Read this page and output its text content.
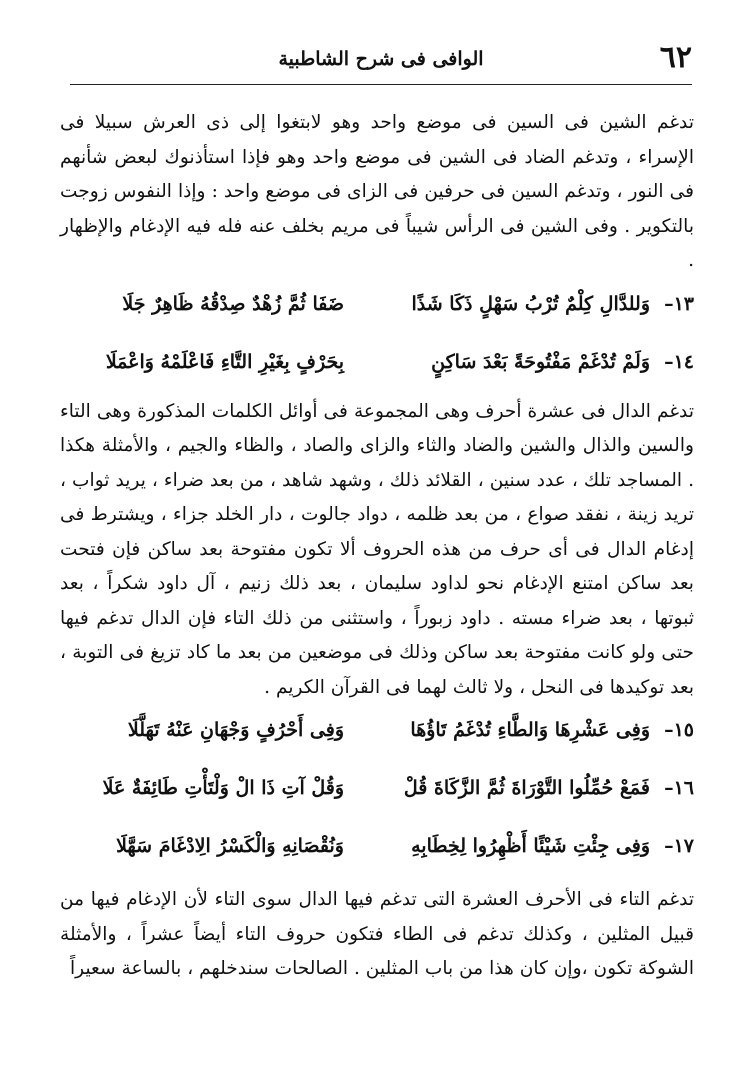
٦٢
الوافى فى شرح الشاطبية

تدغم الشين فى السين فى موضع واحد وهو لابتغوا إلى ذى العرش سبيلا فى الإسراء ، وتدغم الضاد فى الشين فى موضع واحد وهو فإذا استأذنوك لبعض شأنهم فى النور ، وتدغم السين فى حرفين فى الزاى فى موضع واحد : وإذا النفوس زوجت بالتكوير . وفى الشين فى الرأس شيباً فى مريم بخلف عنه فله فيه الإدغام والإظهار .

١٣–
وَللدَّالِ كِلْمٌ تُرْبُ سَهْلٍ ذَكَا شَذًا
ضَفَا ثُمَّ زُهْدٌ صِدْقُهُ ظَاهِرٌ جَلَا
١٤–
وَلَمْ تُدْغَمْ مَفْتُوحَةً بَعْدَ سَاكِنٍ
بِحَرْفٍ بِغَيْرِ التَّاءِ فَاعْلَمْهُ وَاعْمَلَا

تدغم الدال فى عشرة أحرف وهى المجموعة فى أوائل الكلمات المذكورة وهى التاء والسين والذال والشين والضاد والثاء والزاى والصاد ، والظاء والجيم ، والأمثلة هكذا . المساجد تلك ، عدد سنين ، القلائد ذلك ، وشهد شاهد ، من بعد ضراء ، يريد ثواب ، تريد زينة ، نفقد صواع ، من بعد ظلمه ، دواد جالوت ، دار الخلد جزاء ، ويشترط فى إدغام الدال فى أى حرف من هذه الحروف ألا تكون مفتوحة بعد ساكن فإن فتحت بعد ساكن امتنع الإدغام نحو لداود سليمان ، بعد ذلك زنيم ، آل داود شكراً ، بعد ثبوتها ، بعد ضراء مسته . داود زبوراً ، واستثنى من ذلك التاء فإن الدال تدغم فيها حتى ولو كانت مفتوحة بعد ساكن وذلك فى موضعين من بعد ما كاد تزيغ فى التوبة ، بعد توكيدها فى النحل ، ولا ثالث لهما فى القرآن الكريم .

١٥–
وَفِى عَشْرِهَا وَالطَّاءِ تُدْغَمُ تَاؤُهَا
وَفِى أَحْرُفٍ وَجْهَانِ عَنْهُ تَهَلَّلَا
١٦–
فَمَعْ حُمِّلُوا التَّوْرَاةَ ثُمَّ الزَّكَاةَ قُلْ
وَقُلْ آتِ ذَا الْ وَلْتَأْتِ طَائِفَةٌ عَلَا
١٧–
وَفِى جِئْتِ شَيْئًا أَظْهِرُوا لِخِطَابِهِ
وَنُقْصَانِهِ وَالْكَسْرُ الِادْغَامَ سَهَّلَا

تدغم التاء فى الأحرف العشرة التى تدغم فيها الدال سوى التاء لأن الإدغام فيها من قبيل المثلين ، وكذلك تدغم فى الطاء فتكون حروف التاء أيضاً عشراً ، والأمثلة الشوكة تكون ،وإن كان هذا من باب المثلين . الصالحات سندخلهم ، بالساعة سعيراً
